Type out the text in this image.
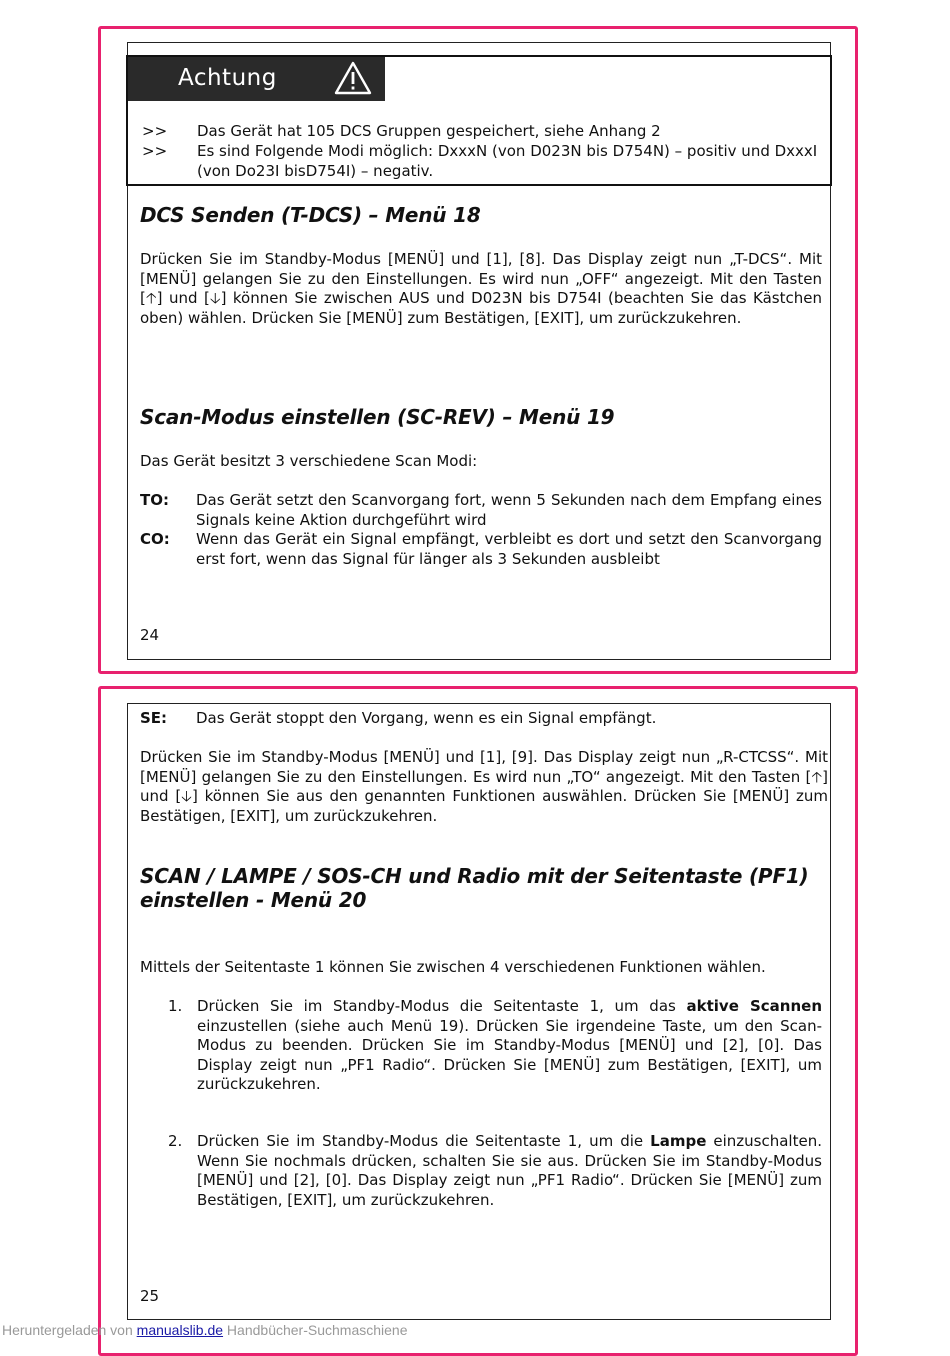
Achtung
>> Das Gerät hat 105 DCS Gruppen gespeichert, siehe Anhang 2
>> Es sind Folgende Modi möglich: DxxxN (von D023N bis D754N) – positiv und DxxxI (von Do23I bisD754I) – negativ.
DCS Senden (T-DCS) – Menü 18
Drücken Sie im Standby-Modus [MENÜ] und [1], [8]. Das Display zeigt nun „T-DCS“. Mit [MENÜ] gelangen Sie zu den Einstellungen. Es wird nun „OFF“ angezeigt. Mit den Tasten [🡡] und [🡣] können Sie zwischen AUS und D023N bis D754I (beachten Sie das Kästchen oben) wählen. Drücken Sie [MENÜ] zum Bestätigen, [EXIT], um zurückzukehren.
Scan-Modus einstellen (SC-REV) – Menü 19
Das Gerät besitzt 3 verschiedene Scan Modi:
TO: Das Gerät setzt den Scanvorgang fort, wenn 5 Sekunden nach dem Empfang eines Signals keine Aktion durchgeführt wird
CO: Wenn das Gerät ein Signal empfängt, verbleibt es dort und setzt den Scanvorgang erst fort, wenn das Signal für länger als 3 Sekunden ausbleibt
24
SE: Das Gerät stoppt den Vorgang, wenn es ein Signal empfängt.
Drücken Sie im Standby-Modus [MENÜ] und [1], [9]. Das Display zeigt nun „R-CTCSS“. Mit [MENÜ] gelangen Sie zu den Einstellungen. Es wird nun „TO“ angezeigt. Mit den Tasten [🡡] und [🡣] können Sie aus den genannten Funktionen auswählen. Drücken Sie [MENÜ] zum Bestätigen, [EXIT], um zurückzukehren.
SCAN / LAMPE / SOS-CH und Radio mit der Seitentaste (PF1) einstellen - Menü 20
Mittels der Seitentaste 1 können Sie zwischen 4 verschiedenen Funktionen wählen.
1. Drücken Sie im Standby-Modus die Seitentaste 1, um das aktive Scannen einzustellen (siehe auch Menü 19). Drücken Sie irgendeine Taste, um den Scan-Modus zu beenden. Drücken Sie im Standby-Modus [MENÜ] und [2], [0]. Das Display zeigt nun „PF1 Radio“. Drücken Sie [MENÜ] zum Bestätigen, [EXIT], um zurückzukehren.
2. Drücken Sie im Standby-Modus die Seitentaste 1, um die Lampe einzuschalten. Wenn Sie nochmals drücken, schalten Sie sie aus. Drücken Sie im Standby-Modus [MENÜ] und [2], [0]. Das Display zeigt nun „PF1 Radio“. Drücken Sie [MENÜ] zum Bestätigen, [EXIT], um zurückzukehren.
25
Heruntergeladen von manualslib.de Handbücher-Suchmaschiene
